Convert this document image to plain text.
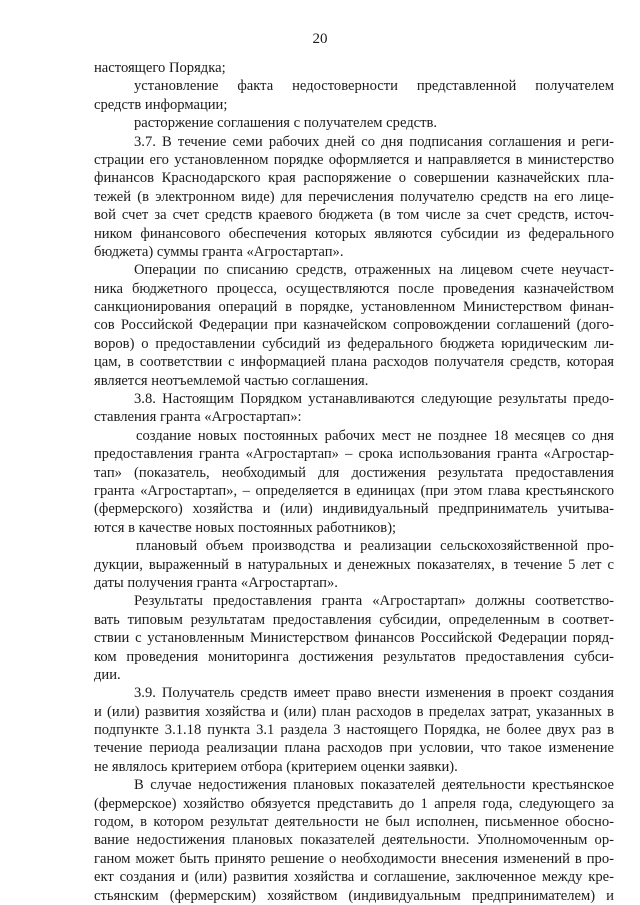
20
настоящего Порядка;
установление факта недостоверности представленной получателем
средств информации;
расторжение соглашения с получателем средств.
3.7. В течение семи рабочих дней со дня подписания соглашения и реги-
страции его установленном порядке оформляется и направляется в министерство
финансов Краснодарского края распоряжение о совершении казначейских пла-
тежей (в электронном виде) для перечисления получателю средств на его лице-
вой счет за счет средств краевого бюджета (в том числе за счет средств, источ-
ником финансового обеспечения которых являются субсидии из федерального
бюджета) суммы гранта «Агростартап».
Операции по списанию средств, отраженных на лицевом счете неучаст-
ника бюджетного процесса, осуществляются после проведения казначейством
санкционирования операций в порядке, установленном Министерством финан-
сов Российской Федерации при казначейском сопровождении соглашений (дого-
воров) о предоставлении субсидий из федерального бюджета юридическим ли-
цам, в соответствии с информацией плана расходов получателя средств, которая
является неотъемлемой частью соглашения.
3.8. Настоящим Порядком устанавливаются следующие результаты предо-
ставления гранта «Агростартап»:
создание новых постоянных рабочих мест не позднее 18 месяцев со дня
предоставления гранта «Агростартап» – срока использования гранта «Агростар-
тап» (показатель, необходимый для достижения результата предоставления
гранта «Агростартап», – определяется в единицах (при этом глава крестьянского
(фермерского) хозяйства и (или) индивидуальный предприниматель учитыва-
ются в качестве новых постоянных работников);
плановый объем производства и реализации сельскохозяйственной про-
дукции, выраженный в натуральных и денежных показателях, в течение 5 лет с
даты получения гранта «Агростартап».
Результаты предоставления гранта «Агростартап» должны соответство-
вать типовым результатам предоставления субсидии, определенным в соответ-
ствии с установленным Министерством финансов Российской Федерации поряд-
ком проведения мониторинга достижения результатов предоставления субси-
дии.
3.9. Получатель средств имеет право внести изменения в проект создания
и (или) развития хозяйства и (или) план расходов в пределах затрат, указанных в
подпункте 3.1.18 пункта 3.1 раздела 3 настоящего Порядка, не более двух раз в
течение периода реализации плана расходов при условии, что такое изменение
не являлось критерием отбора (критерием оценки заявки).
В случае недостижения плановых показателей деятельности крестьянское
(фермерское) хозяйство обязуется представить до 1 апреля года, следующего за
годом, в котором результат деятельности не был исполнен, письменное обосно-
вание недостижения плановых показателей деятельности. Уполномоченным ор-
ганом может быть принято решение о необходимости внесения изменений в про-
ект создания и (или) развития хозяйства и соглашение, заключенное между кре-
стьянским (фермерским) хозяйством (индивидуальным предпринимателем) и
